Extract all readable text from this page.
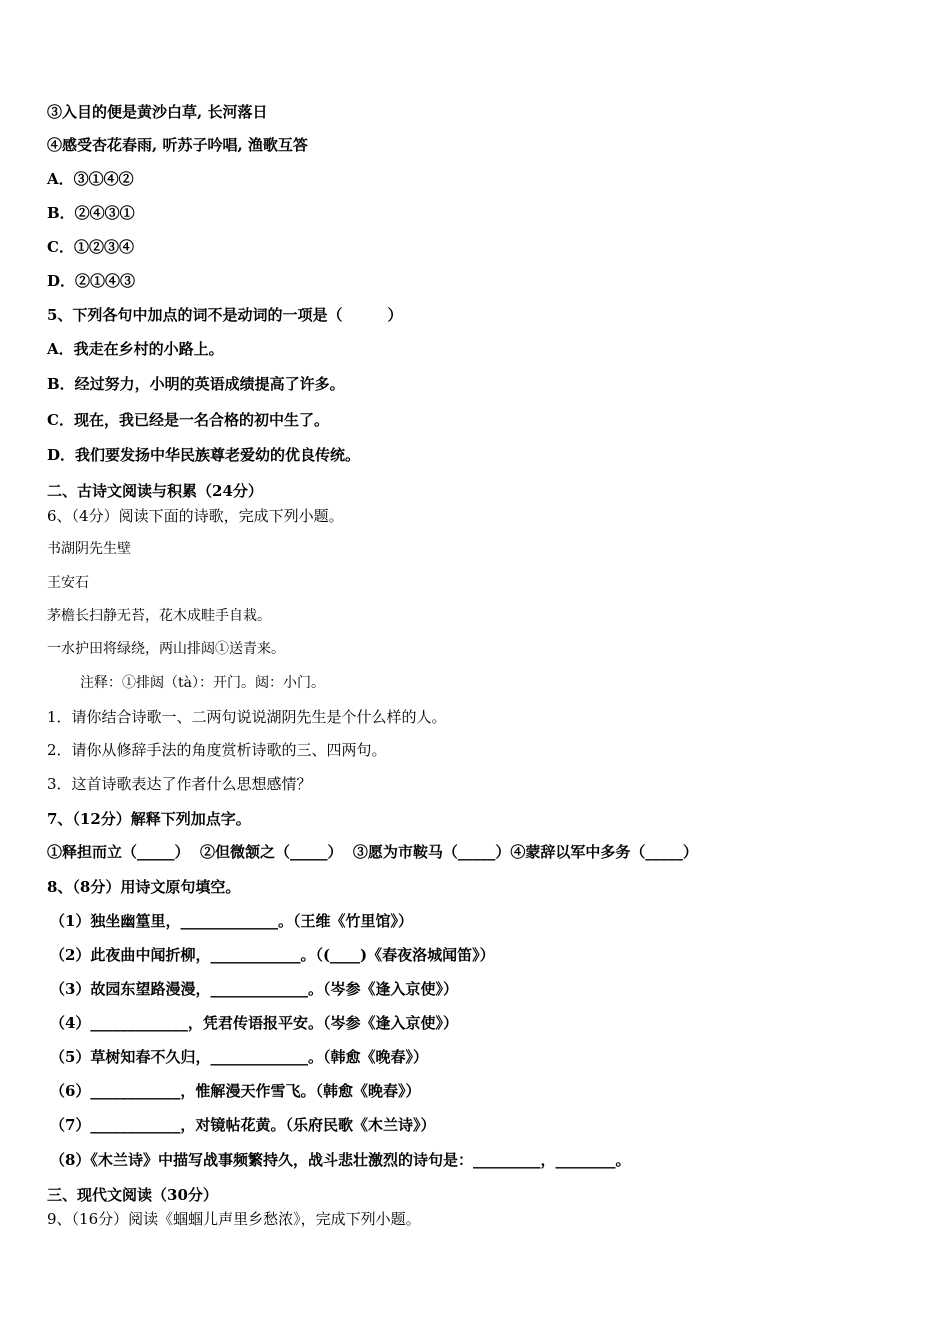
③入目的便是黄沙白草, 长河落日
④感受杏花春雨, 听苏子吟唱, 渔歌互答
A．③①④②
B．②④③①
C．①②③④
D．②①④③
5、下列各句中加点的词不是动词的一项是（　　　）
A．我走在乡村的小路上。
B．经过努力，小明的英语成绩提高了许多。
C．现在，我已经是一名合格的初中生了。
D．我们要发扬中华民族尊老爱幼的优良传统。
二、古诗文阅读与积累（24分）
6、（4分）阅读下面的诗歌，完成下列小题。
书湖阴先生壁
王安石
茅檐长扫静无苔，花木成畦手自栽。
一水护田将绿绕，两山排闼①送青来。
注释：①排闼（tà）：开门。闼：小门。
1．请你结合诗歌一、二两句说说湖阴先生是个什么样的人。
2．请你从修辞手法的角度赏析诗歌的三、四两句。
3．这首诗歌表达了作者什么思想感情？
7、（12分）解释下列加点字。
①释担而立（_____）  ②但微颔之（_____）  ③愿为市鞍马（_____）④蒙辞以军中多务（_____）
8、（8分）用诗文原句填空。
（1）独坐幽篁里，_____________。（王维《竹里馆》）
（2）此夜曲中闻折柳，____________。（(____)《春夜洛城闻笛》）
（3）故园东望路漫漫，_____________。（岑参《逢入京使》）
（4）_____________，凭君传语报平安。（岑参《逢入京使》）
（5）草树知春不久归，_____________。（韩愈《晚春》）
（6）____________，惟解漫天作雪飞。（韩愈《晚春》）
（7）____________，对镜帖花黄。（乐府民歌《木兰诗》）
（8）《木兰诗》中描写战事频繁持久，战斗悲壮激烈的诗句是：_________，________。
三、现代文阅读（30分）
9、（16分）阅读《蝈蝈儿声里乡愁浓》，完成下列小题。
